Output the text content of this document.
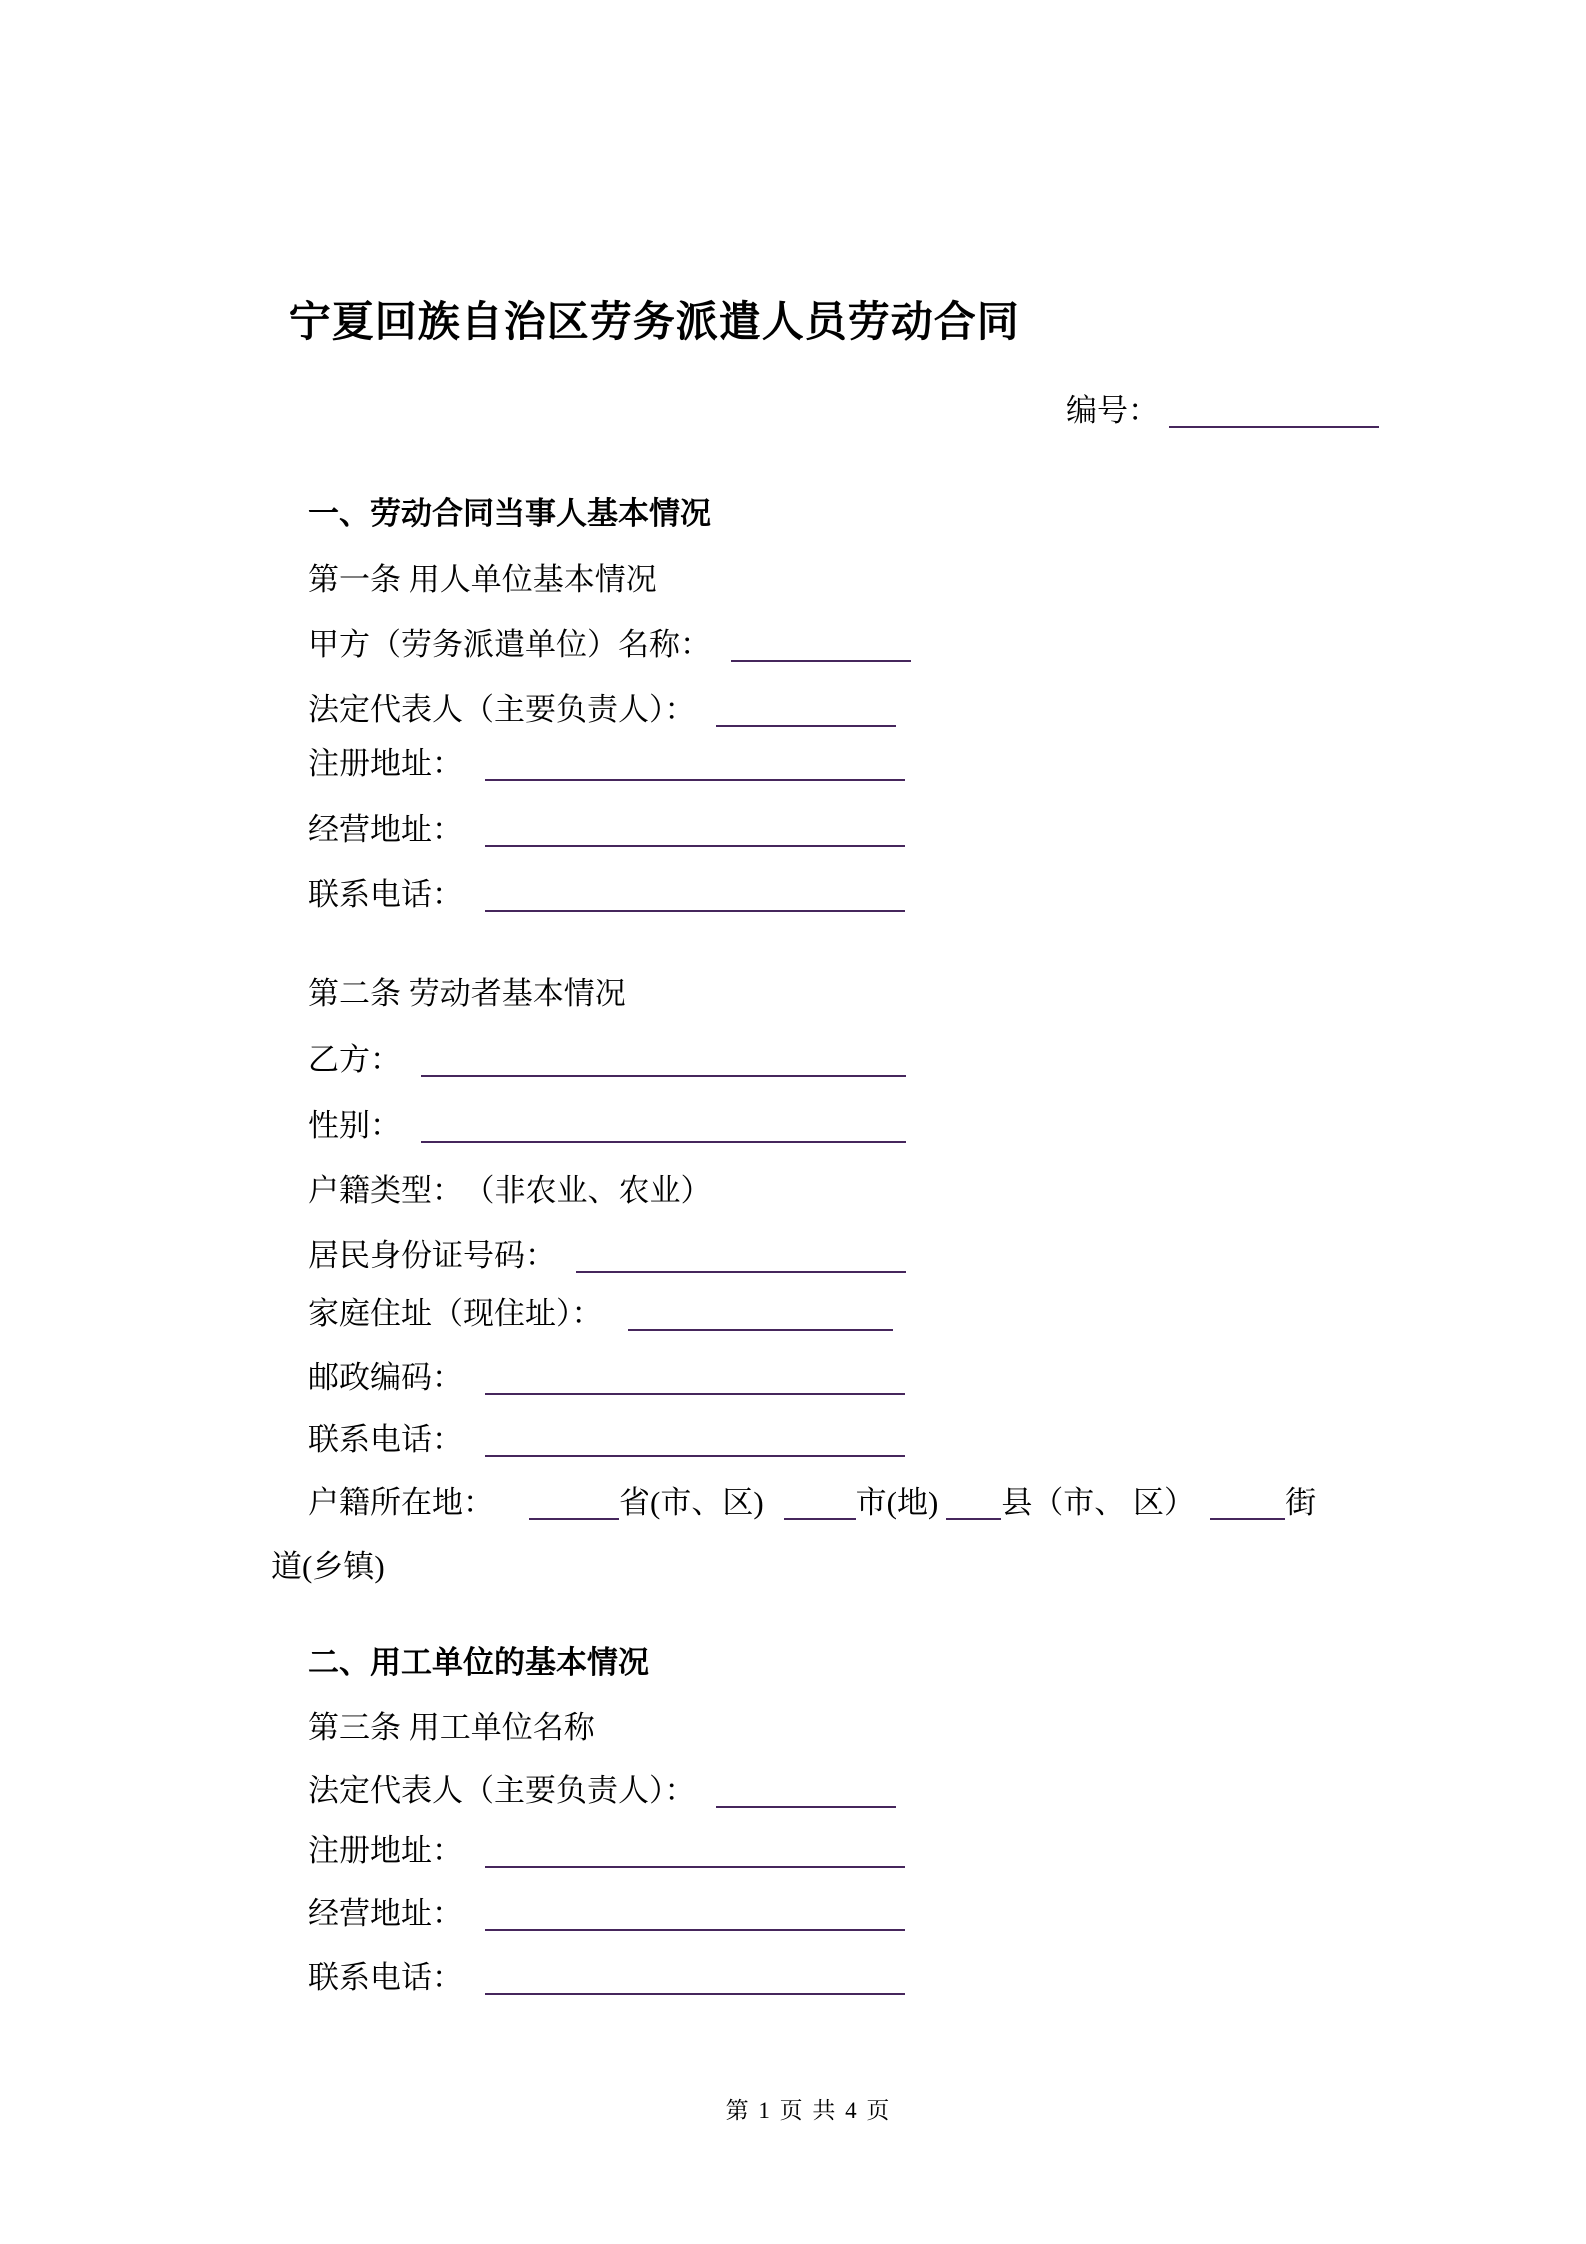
宁夏回族自治区劳务派遣人员劳动合同

编号：

一、劳动合同当事人基本情况

第一条 用人单位基本情况

甲方（劳务派遣单位）名称：

法定代表人（主要负责人）：

注册地址：

经营地址：

联系电话：

第二条 劳动者基本情况

乙方：

性别：

户籍类型： （非农业、农业）

居民身份证号码：

家庭住址（现住址）：

邮政编码：

联系电话：

户籍所在地：	省(市、区)	市(地) 县（市、 区）	街

道(乡镇)

二、用工单位的基本情况

第三条 用工单位名称

法定代表人（主要负责人）：

注册地址：

经营地址：

联系电话：

第 1 页 共 4 页
